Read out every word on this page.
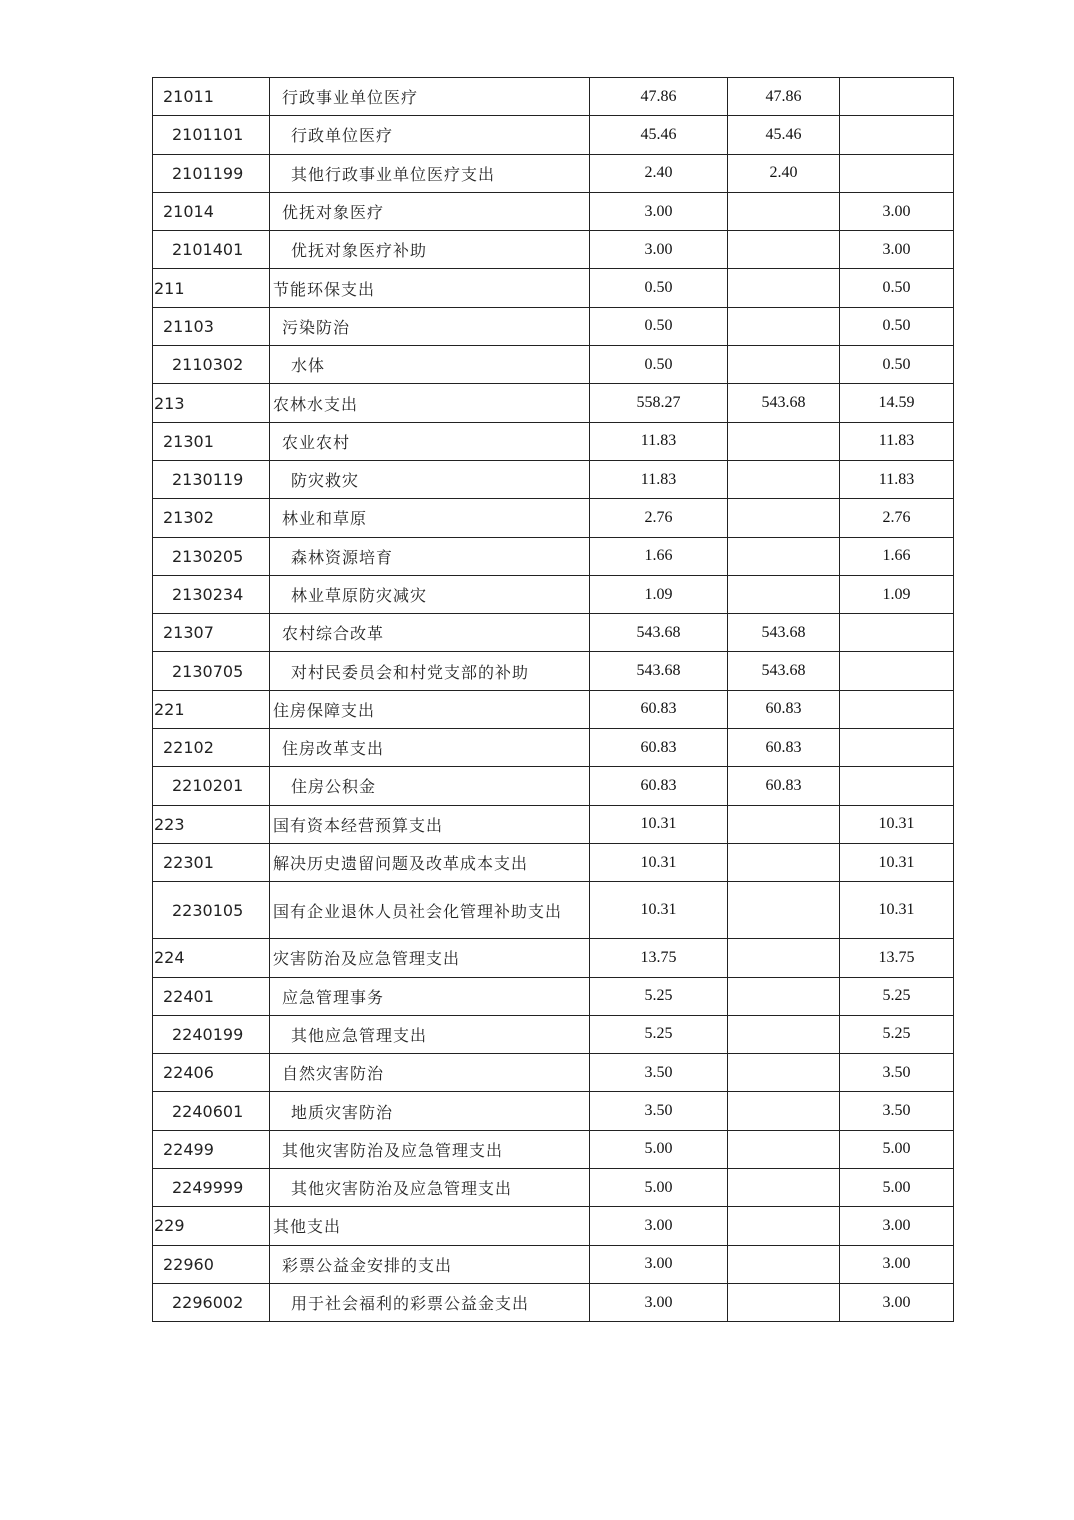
21011	行政事业单位医疗	47.86	47.86	
2101101	行政单位医疗	45.46	45.46	
2101199	其他行政事业单位医疗支出	2.40	2.40	
21014	优抚对象医疗	3.00		3.00
2101401	优抚对象医疗补助	3.00		3.00
211	节能环保支出	0.50		0.50
21103	污染防治	0.50		0.50
2110302	水体	0.50		0.50
213	农林水支出	558.27	543.68	14.59
21301	农业农村	11.83		11.83
2130119	防灾救灾	11.83		11.83
21302	林业和草原	2.76		2.76
2130205	森林资源培育	1.66		1.66
2130234	林业草原防灾减灾	1.09		1.09
21307	农村综合改革	543.68	543.68	
2130705	对村民委员会和村党支部的补助	543.68	543.68	
221	住房保障支出	60.83	60.83	
22102	住房改革支出	60.83	60.83	
2210201	住房公积金	60.83	60.83	
223	国有资本经营预算支出	10.31		10.31
22301	解决历史遗留问题及改革成本支出	10.31		10.31
2230105	国有企业退休人员社会化管理补助支出	10.31		10.31
224	灾害防治及应急管理支出	13.75		13.75
22401	应急管理事务	5.25		5.25
2240199	其他应急管理支出	5.25		5.25
22406	自然灾害防治	3.50		3.50
2240601	地质灾害防治	3.50		3.50
22499	其他灾害防治及应急管理支出	5.00		5.00
2249999	其他灾害防治及应急管理支出	5.00		5.00
229	其他支出	3.00		3.00
22960	彩票公益金安排的支出	3.00		3.00
2296002	用于社会福利的彩票公益金支出	3.00		3.00
